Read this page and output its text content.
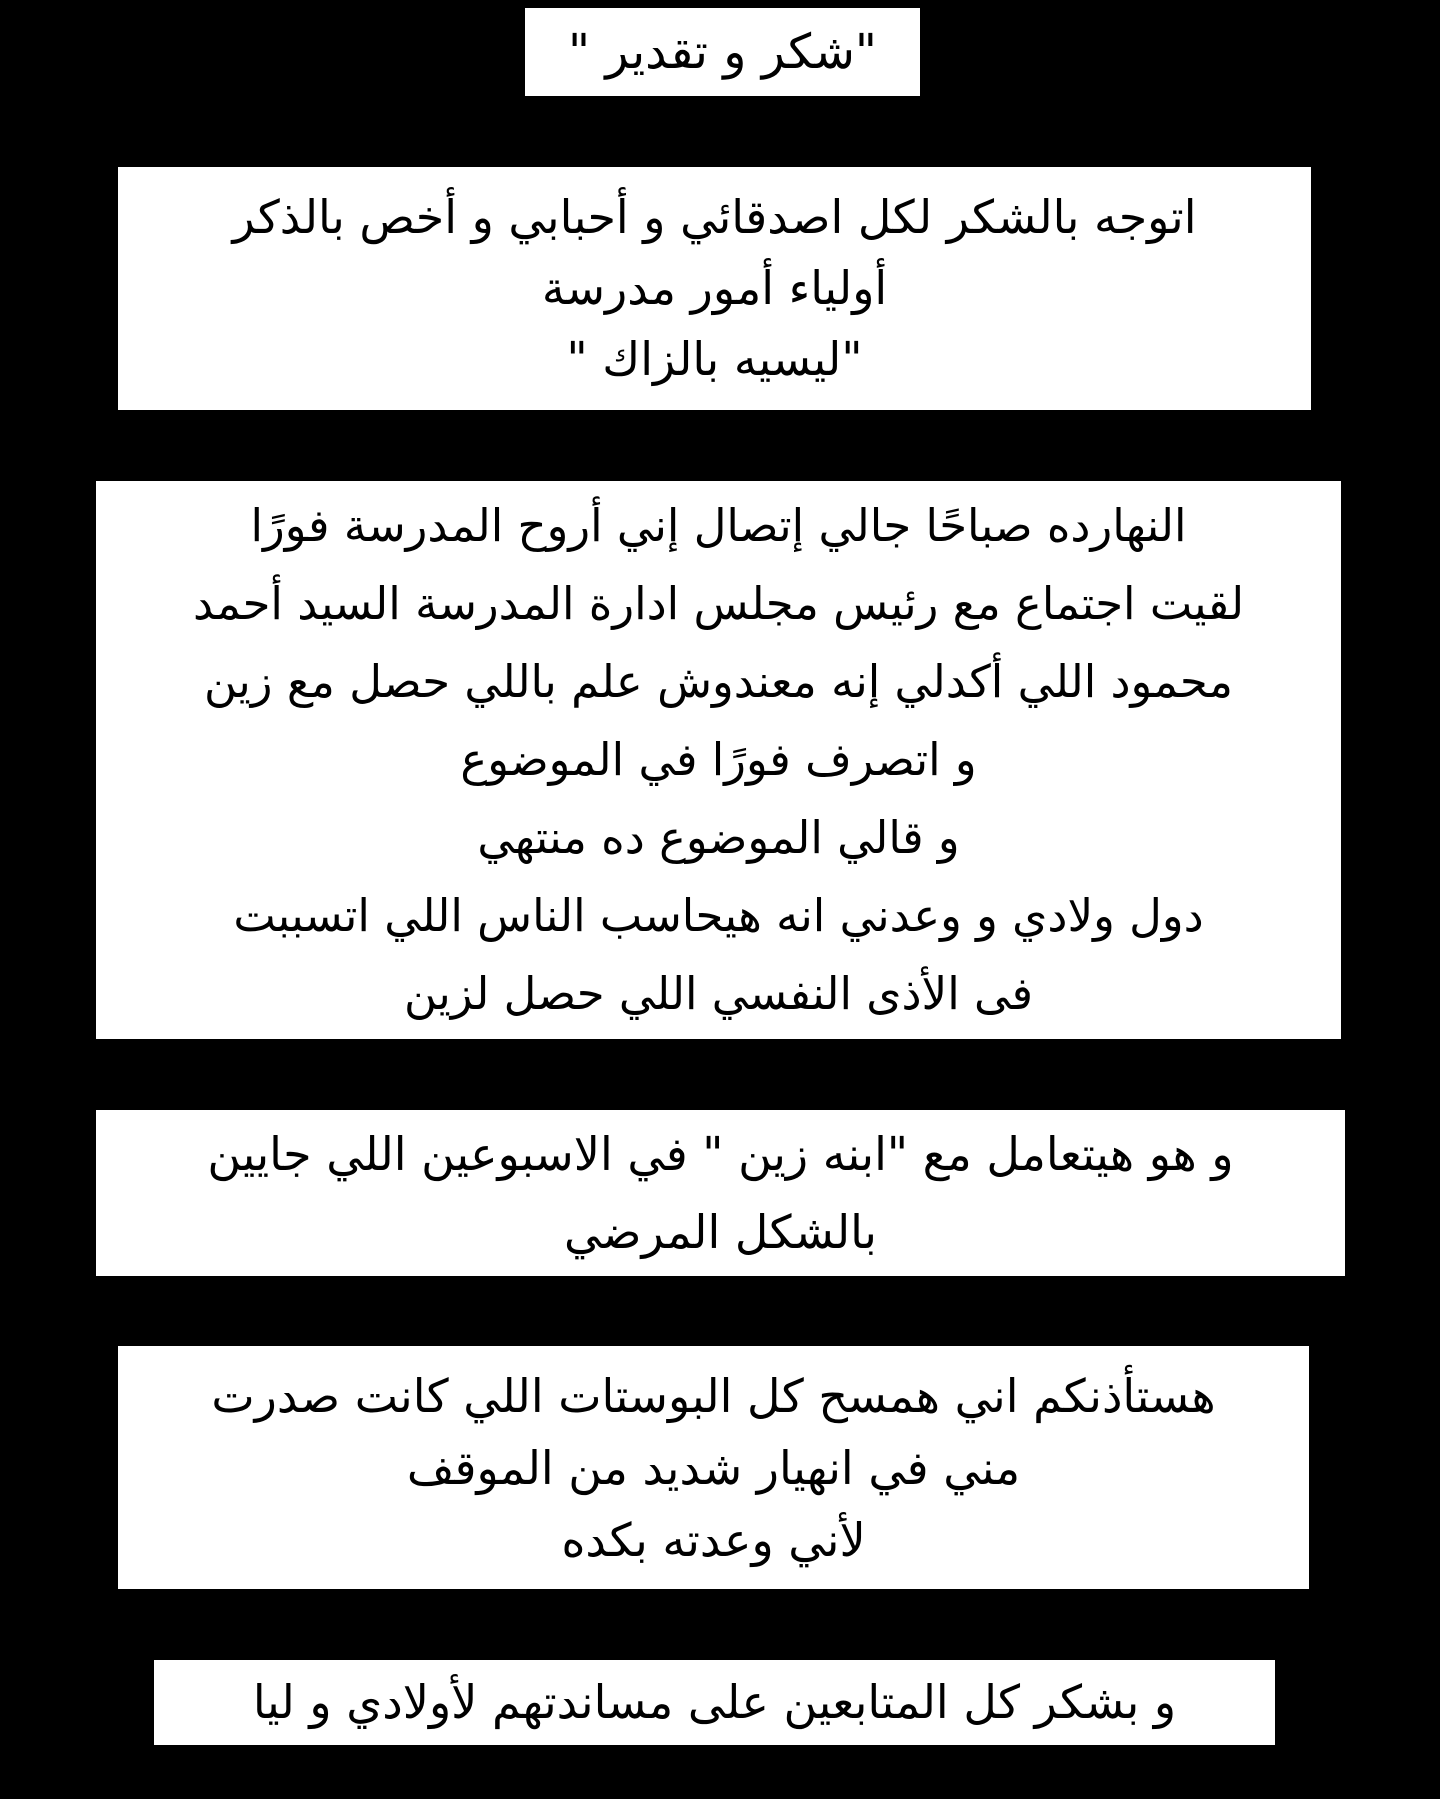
"شكر و تقدير "
اتوجه بالشكر لكل اصدقائي و أحبابي و أخص بالذكر
أولياء أمور مدرسة
"ليسيه بالزاك "
النهارده صباحًا جالي إتصال إني أروح المدرسة فورًا
لقيت اجتماع مع رئيس مجلس ادارة المدرسة السيد أحمد
محمود اللي أكدلي إنه معندوش علم باللي حصل مع زين
و اتصرف فورًا في الموضوع
و قالي الموضوع ده منتهي
دول ولادي و وعدني انه هيحاسب الناس اللي اتسببت
فى الأذى النفسي اللي حصل لزين
و هو هيتعامل مع "ابنه زين " في الاسبوعين اللي جايين
بالشكل المرضي
هستأذنكم اني همسح كل البوستات اللي كانت صدرت
مني في انهيار شديد من الموقف
لأني وعدته بكده
و بشكر كل المتابعين على مساندتهم لأولادي و ليا
